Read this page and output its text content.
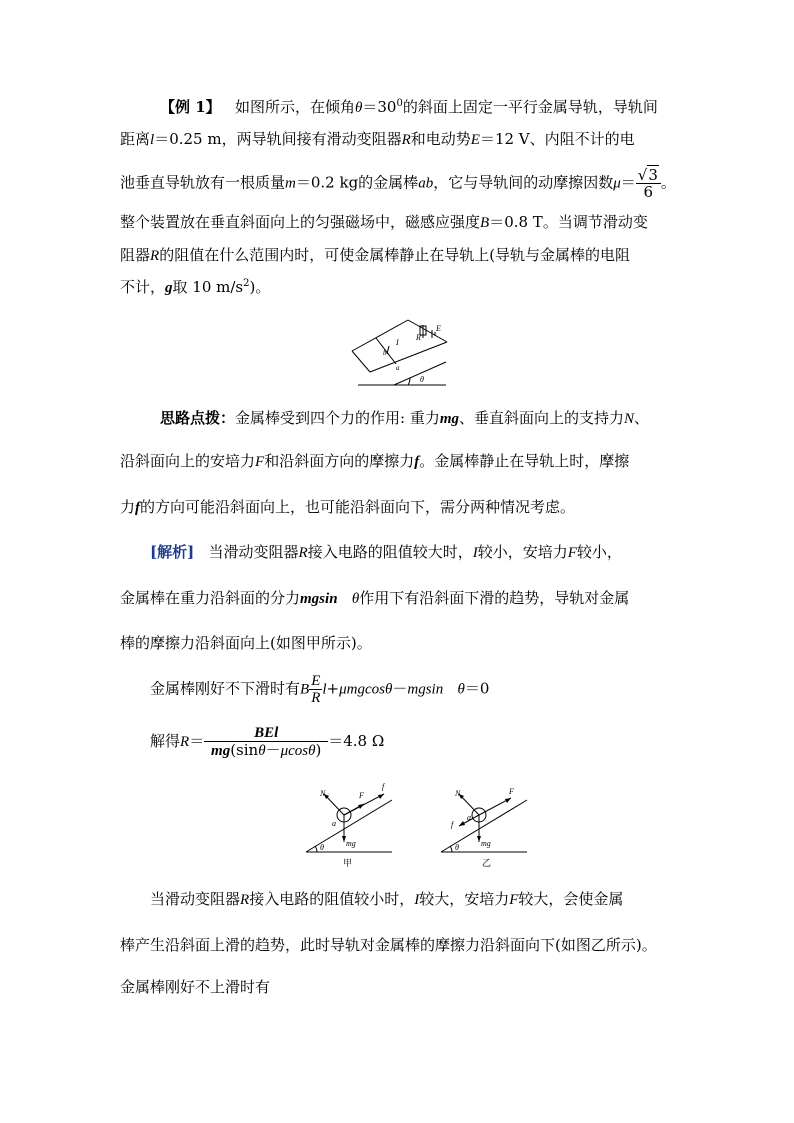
【例 1】 如图所示，在倾角$\theta=30^0$的斜面上固定一平行金属导轨，导轨间
距离l＝0.25 m，两导轨间接有滑动变阻器R和电动势E＝12 V、内阻不计的电
池垂直导轨放有一根质量m＝0.2 kg的金属棒ab，它与导轨间的动摩擦因数$\mu= \frac{√3}{6}$ 。
整个装置放在垂直斜面向上的匀强磁场中，磁感应强度B＝0.8 T。当调节滑动变
阻器R的阻值在什么范围内时，可使金属棒静止在导轨上(导轨与金属棒的电阻
不计，g取 10 $m/s^2$)。
I
R
E
b
a
θ
思路点拨：金属棒受到四个力的作用: 重力mg、垂直斜面向上的支持力N、
沿斜面向上的安培力F和沿斜面方向的摩擦力f。金属棒静止在导轨上时，摩擦
力f的方向可能沿斜面向上，也可能沿斜面向下，需分两种情况考虑。
[解析] 当滑动变阻器R接入电路的阻值较大时，I较小，安培力F较小，
金属棒在重力沿斜面的分力mgsin θ作用下有沿斜面下滑的趋势，导轨对金属
棒的摩擦力沿斜面向上(如图甲所示)。
金属棒刚好不下滑时有B $\frac{E}{R} l+\mu mgcos\theta-mgsin$ θ＝0
解得$R= \frac{\text{BEl}}{mg(\sin\theta-\mu\cos\theta)} =4.8$ Ω
N	F
f
a
mg
θ
甲
N	F
f
a
mg
θ
乙
当滑动变阻器R接入电路的阻值较小时，I较大，安培力F较大，会使金属
棒产生沿斜面上滑的趋势，此时导轨对金属棒的摩擦力沿斜面向下(如图乙所示)。
金属棒刚好不上滑时有
